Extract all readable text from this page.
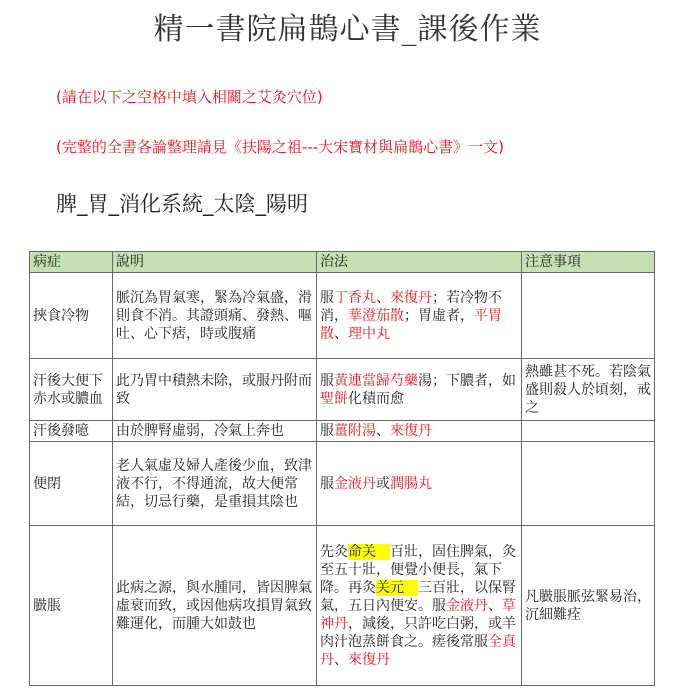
精一書院扁鵲心書_課後作業

(請在以下之空格中填入相關之艾灸穴位)

(完整的全書各論整理請見《扶陽之祖---大宋寶材與扁鵲心書》一文)

脾_胃_消化系統_太陰_陽明
病症	說明	治法	注意事項
挾食冷物	脈沉為胃氣寒，緊為冷氣盛，滑則食不消。其證頭痛、發熱、嘔吐、心下痞，時或腹痛	服丁香丸、來復丹；若冷物不消，華澄茄散；胃虛者，平胃散、理中丸	
汗後大便下赤水或膿血	此乃胃中積熱未除，或服丹附而致	服黃連當歸芍藥湯；下膿者，如聖餅化積而愈	熱雖甚不死。若陰氣盛則殺人於頃刻，戒之
汗後發噫	由於脾腎虛弱，冷氣上奔也	服薑附湯、來復丹	
便閉	老人氣虛及婦人產後少血，致津液不行，不得通流，故大便常結，切忌行藥，是重損其陰也	服金液丹或潤腸丸	
臌脹	此病之源，與水腫同，皆因脾氣虛衰而致，或因他病攻損胃氣致難運化，而腫大如鼓也	先灸命关　百壯，固住脾氣，灸至五十壯，便覺小便長，氣下降。再灸关元　三百壯，以保腎氣，五日內便安。服金液丹、草神丹，減後，只許吃白粥，或羊肉汁泡蒸餅食之。瘥後常服全真丹、來復丹	凡臌脹脈弦緊易治，沉細難痊
